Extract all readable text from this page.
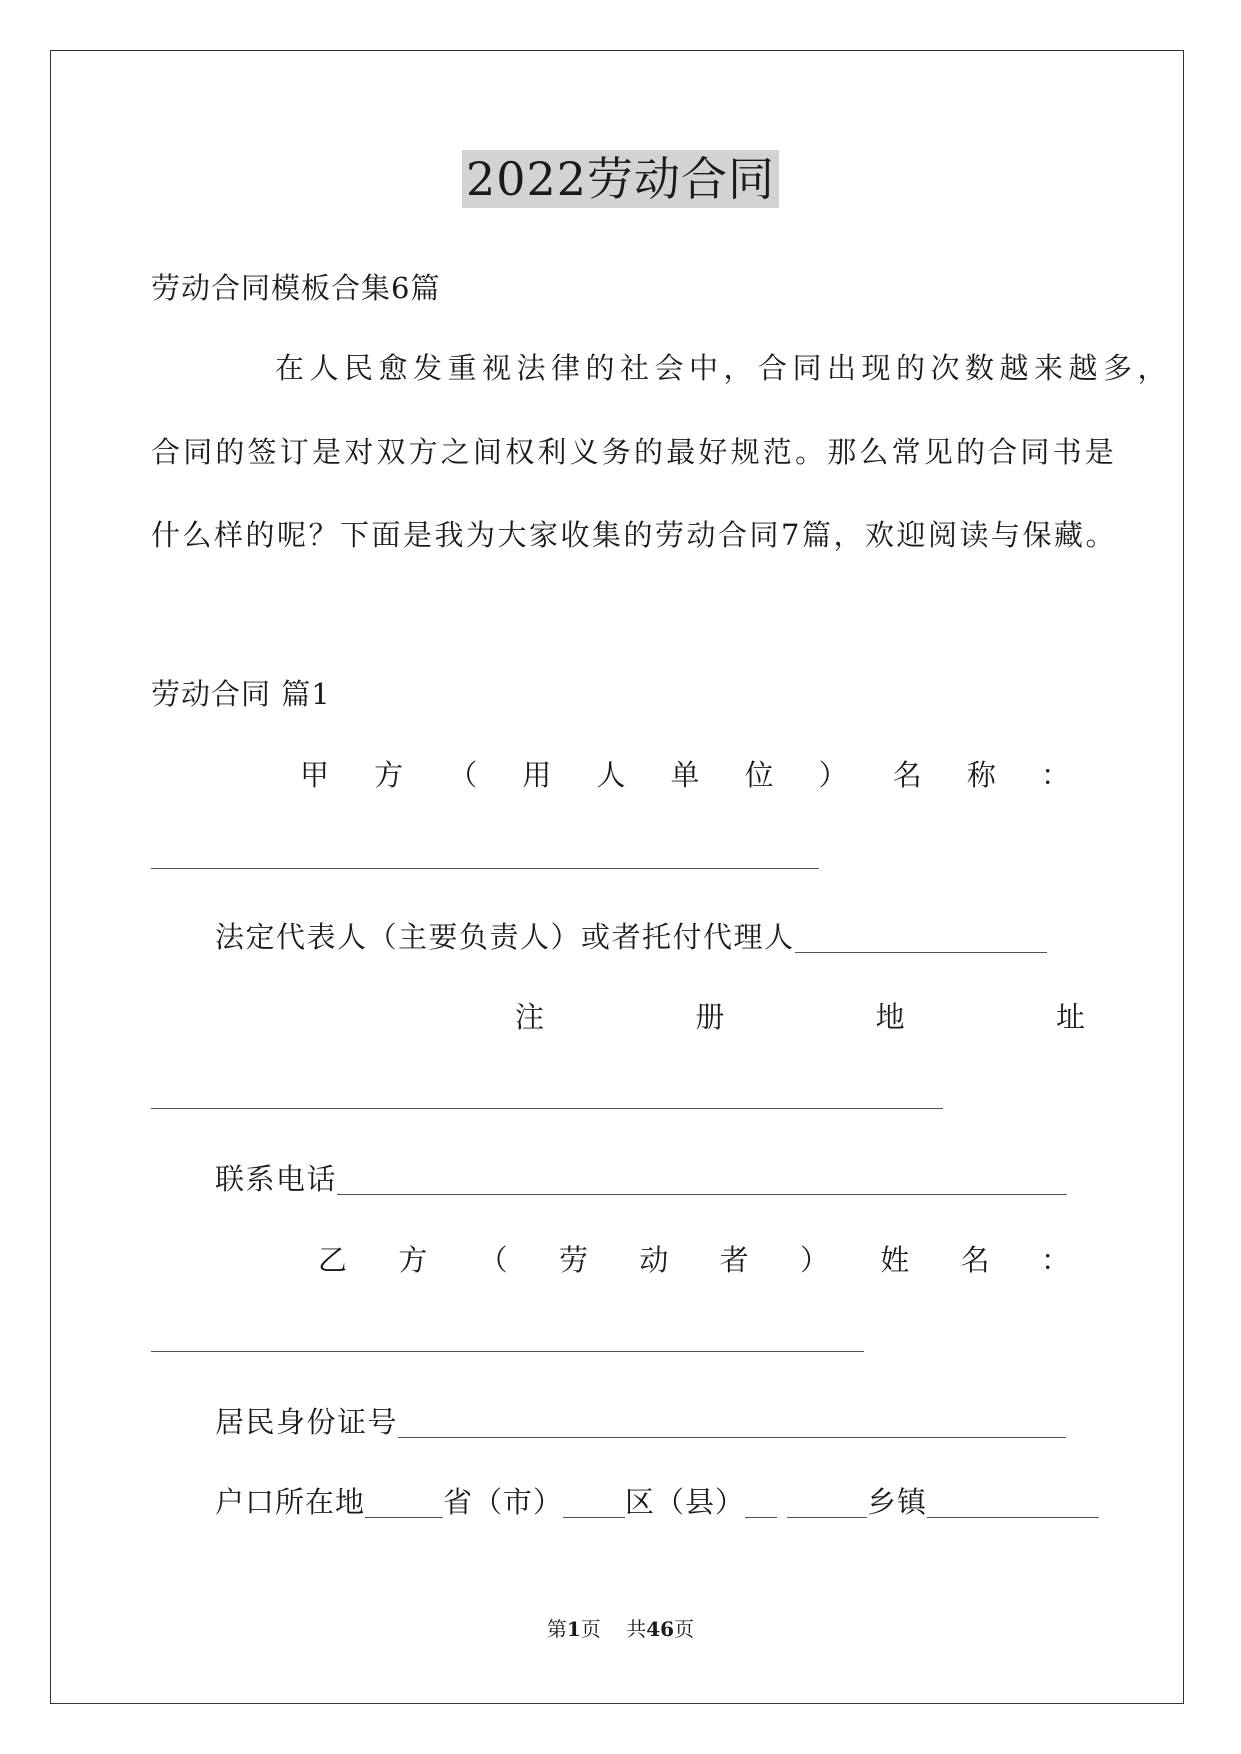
2022劳动合同
劳动合同模板合集6篇
在人民愈发重视法律的社会中，合同出现的次数越来越多，
合同的签订是对双方之间权利义务的最好规范。那么常见的合同书是
什么样的呢？下面是我为大家收集的劳动合同7篇，欢迎阅读与保藏。
劳动合同 篇1
甲 方 （ 用 人 单 位 ） 名 称 ：
法定代表人（主要负责人）或者托付代理人
注	册	地	址
联系电话
乙 方 （ 劳 动 者 ） 姓 名 ：
居民身份证号
户口所在地	省（市） 区（县）	乡镇
第1页 共46页
